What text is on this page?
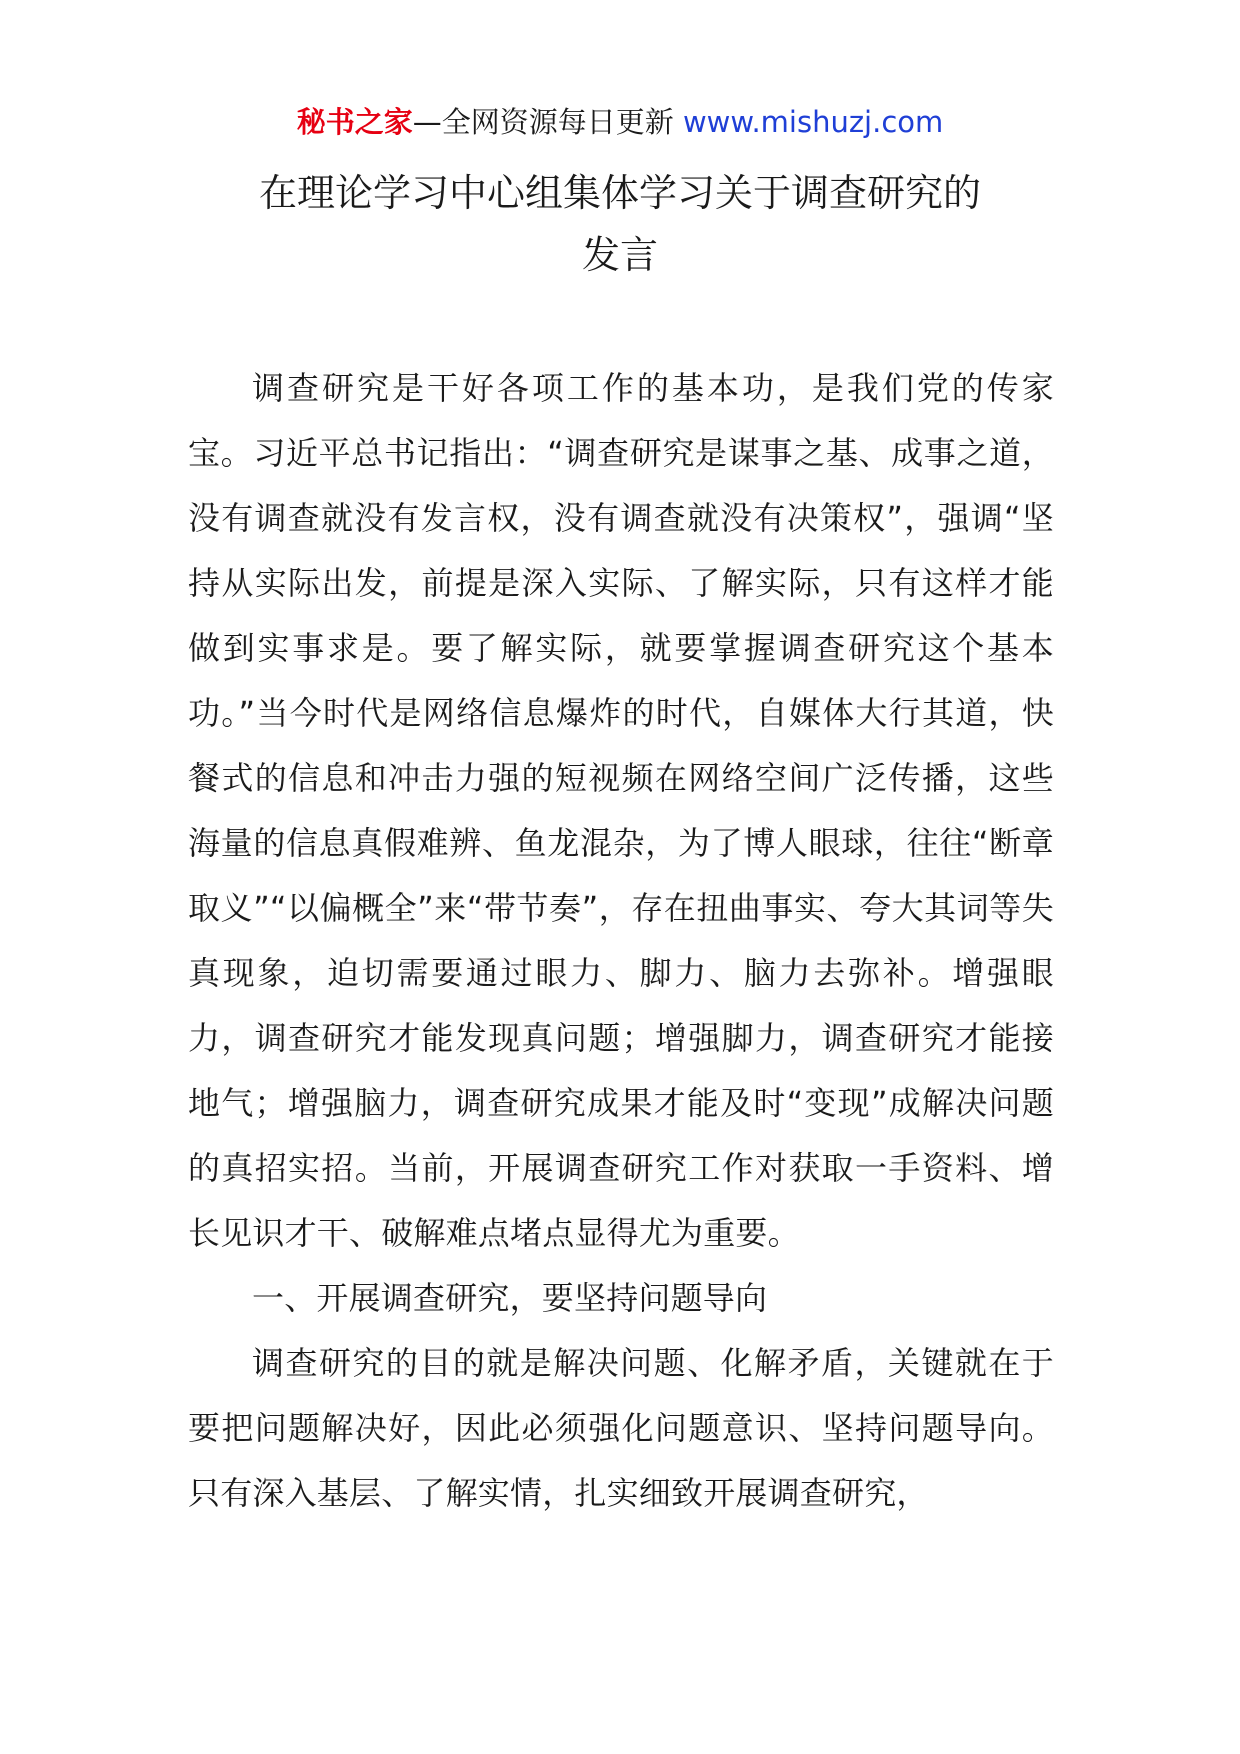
秘书之家—全网资源每日更新 www.mishuzj.com
在理论学习中心组集体学习关于调查研究的
发言

调查研究是干好各项工作的基本功，是我们党的传家宝。习近平总书记指出：“调查研究是谋事之基、成事之道，没有调查就没有发言权，没有调查就没有决策权”，强调“坚持从实际出发，前提是深入实际、了解实际，只有这样才能做到实事求是。要了解实际，就要掌握调查研究这个基本功。”当今时代是网络信息爆炸的时代，自媒体大行其道，快餐式的信息和冲击力强的短视频在网络空间广泛传播，这些海量的信息真假难辨、鱼龙混杂，为了博人眼球，往往“断章取义”“以偏概全”来“带节奏”，存在扭曲事实、夸大其词等失真现象，迫切需要通过眼力、脚力、脑力去弥补。增强眼力，调查研究才能发现真问题；增强脚力，调查研究才能接地气；增强脑力，调查研究成果才能及时“变现”成解决问题的真招实招。当前，开展调查研究工作对获取一手资料、增长见识才干、破解难点堵点显得尤为重要。

一、开展调查研究，要坚持问题导向

调查研究的目的就是解决问题、化解矛盾，关键就在于要把问题解决好，因此必须强化问题意识、坚持问题导向。只有深入基层、了解实情，扎实细致开展调查研究，
